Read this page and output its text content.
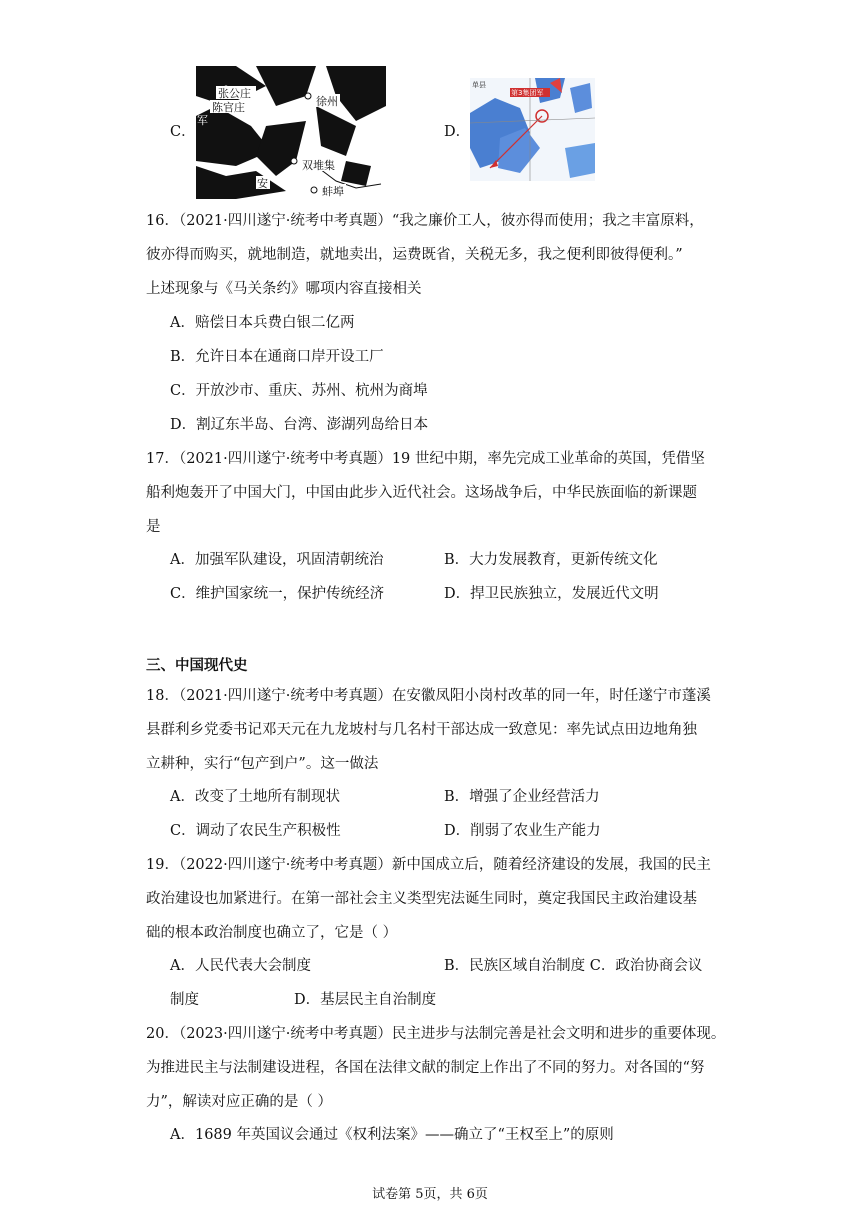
C．
张公庄
陈官庄	徐州
双堆集
蚌埠
安
军
D．
单县
第3集团军
16．（2021·四川遂宁·统考中考真题）“我之廉价工人，彼亦得而使用；我之丰富原料，
彼亦得而购买，就地制造，就地卖出，运费既省，关税无多，我之便利即彼得便利。”
上述现象与《马关条约》哪项内容直接相关
A．赔偿日本兵费白银二亿两
B．允许日本在通商口岸开设工厂
C．开放沙市、重庆、苏州、杭州为商埠
D．割辽东半岛、台湾、澎湖列岛给日本
17．（2021·四川遂宁·统考中考真题）19 世纪中期，率先完成工业革命的英国，凭借坚
船利炮轰开了中国大门，中国由此步入近代社会。这场战争后，中华民族面临的新课题
是
A．加强军队建设，巩固清朝统治	B．大力发展教育，更新传统文化
C．维护国家统一，保护传统经济	D．捍卫民族独立，发展近代文明
三、中国现代史
18．（2021·四川遂宁·统考中考真题）在安徽凤阳小岗村改革的同一年，时任遂宁市蓬溪
县群利乡党委书记邓天元在九龙坡村与几名村干部达成一致意见：率先试点田边地角独
立耕种，实行“包产到户”。这一做法
A．改变了土地所有制现状	B．增强了企业经营活力
C．调动了农民生产积极性	D．削弱了农业生产能力
19．（2022·四川遂宁·统考中考真题）新中国成立后，随着经济建设的发展，我国的民主
政治建设也加紧进行。在第一部社会主义类型宪法诞生同时，奠定我国民主政治建设基
础的根本政治制度也确立了，它是（ ）
A．人民代表大会制度	B．民族区域自治制度 C．政治协商会议
制度	D．基层民主自治制度
20．（2023·四川遂宁·统考中考真题）民主进步与法制完善是社会文明和进步的重要体现。
为推进民主与法制建设进程，各国在法律文献的制定上作出了不同的努力。对各国的“努
力”，解读对应正确的是（ ）
A．1689 年英国议会通过《权利法案》——确立了“王权至上”的原则
试卷第 5页，共 6页
